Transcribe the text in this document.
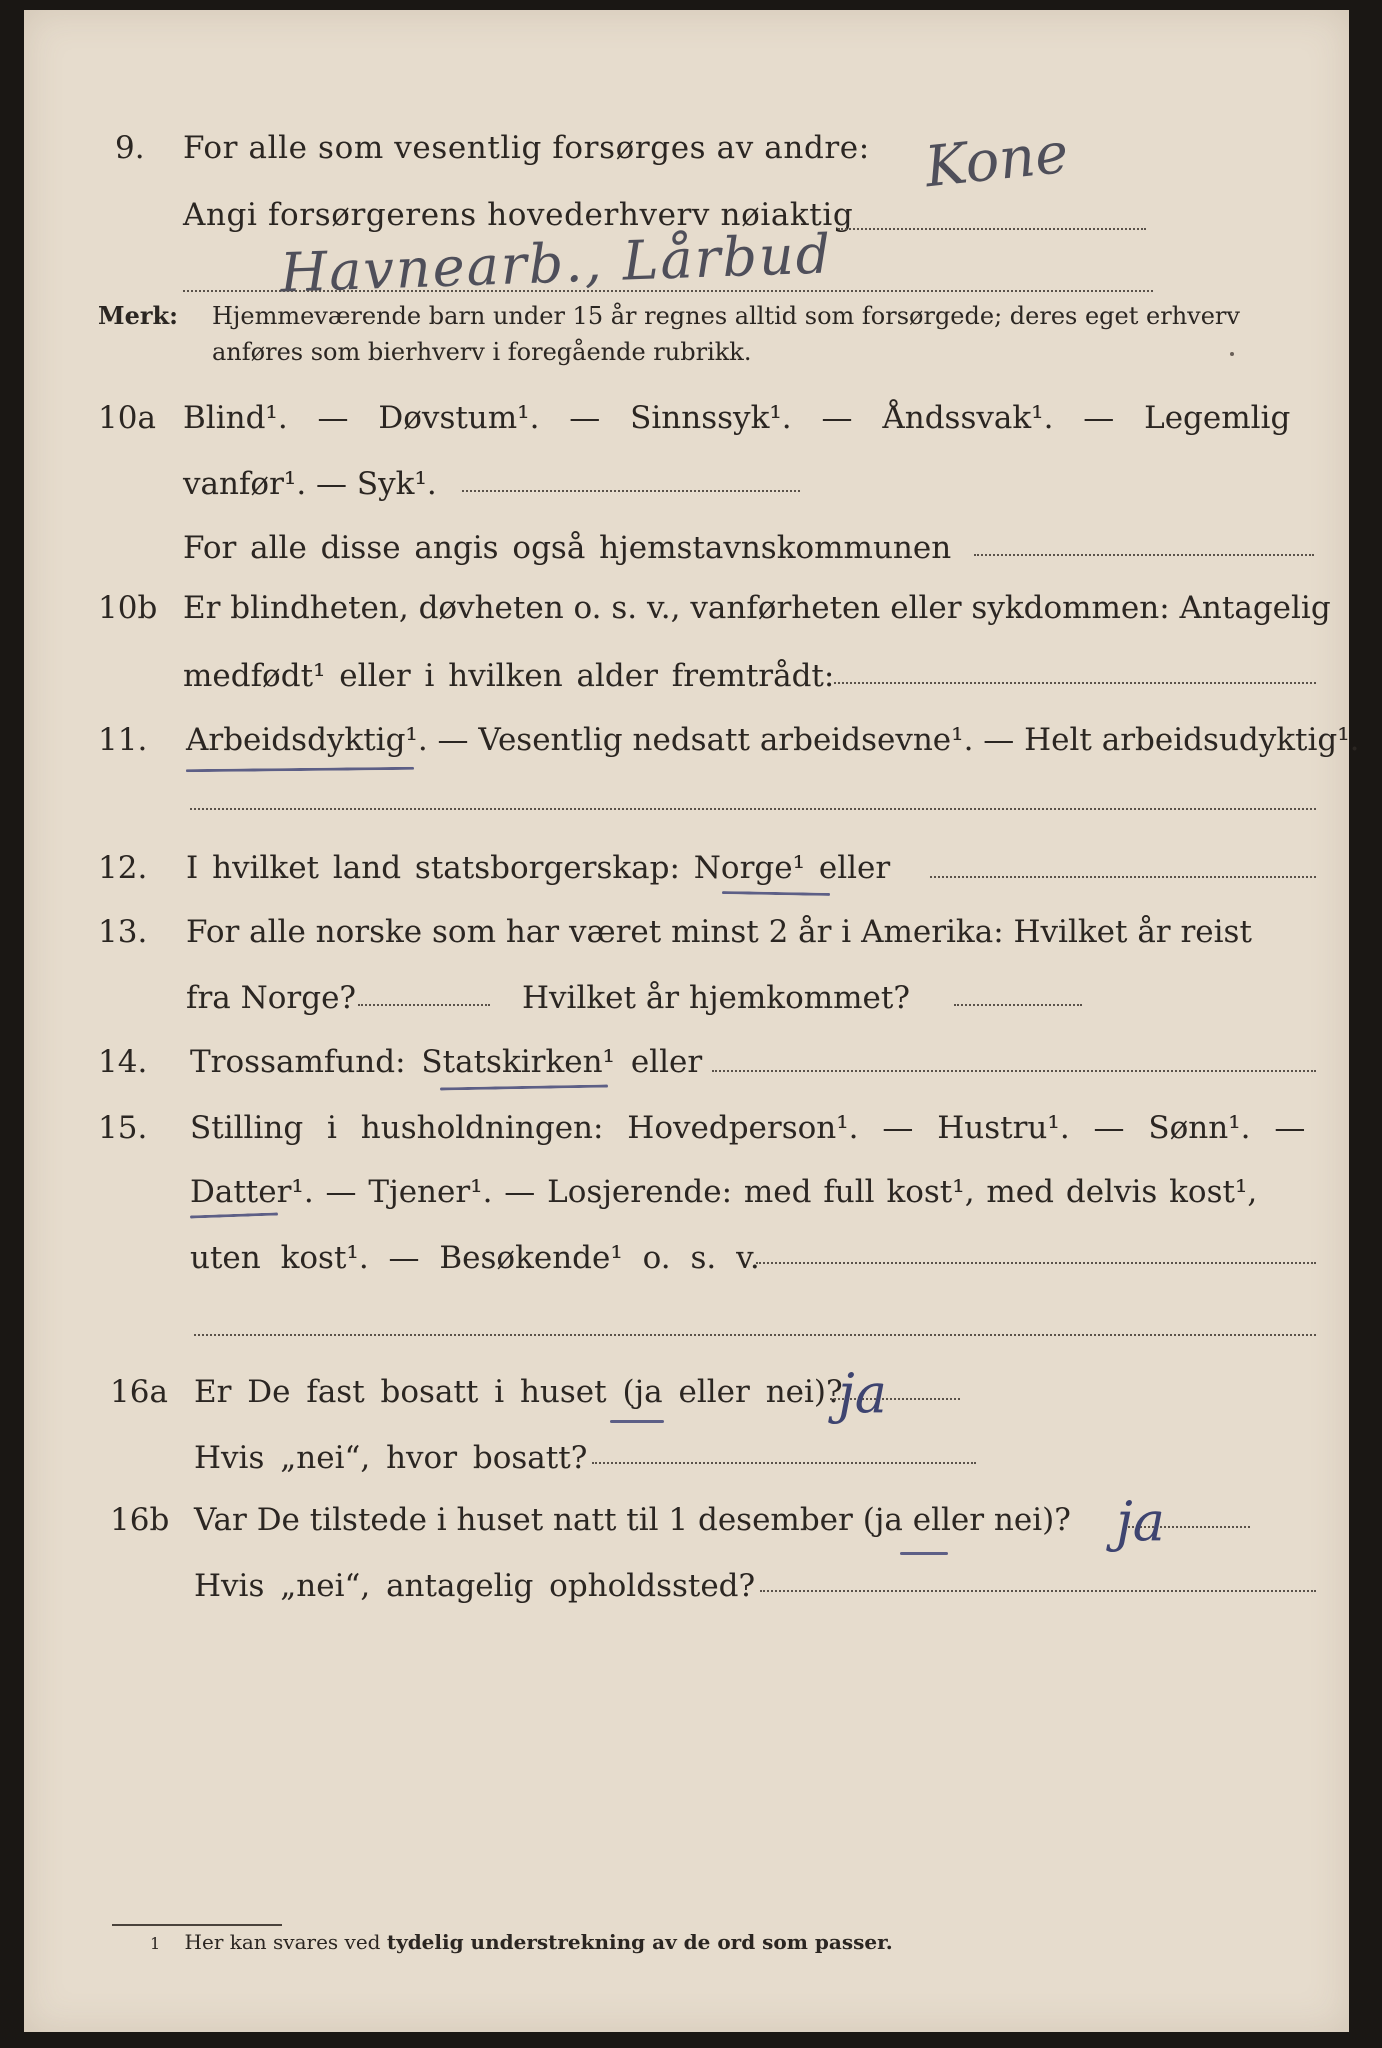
9.	For alle som vesentlig forsørges av andre:
Angi forsørgerens hovederhverv nøiaktig
Kone
Havnearb., Lårbud
Merk: Hjemmeværende barn under 15 år regnes alltid som forsørgede; deres eget erhverv
anføres som bierhverv i foregående rubrikk.
10a Blind¹. — Døvstum¹. — Sinnssyk¹. — Åndssvak¹. — Legemlig
vanfør¹. — Syk¹.
For alle disse angis også hjemstavnskommunen
10b Er blindheten, døvheten o. s. v., vanførheten eller sykdommen: Antagelig
medfødt¹ eller i hvilken alder fremtrådt:
11.	Arbeidsdyktig¹. — Vesentlig nedsatt arbeidsevne¹. — Helt arbeidsudyktig¹.
12.	I hvilket land statsborgerskap: Norge¹ eller
13.	For alle norske som har været minst 2 år i Amerika: Hvilket år reist
fra Norge?	Hvilket år hjemkommet?
14.	Trossamfund: Statskirken¹ eller
15.	Stilling i husholdningen: Hovedperson¹. — Hustru¹. — Sønn¹. —
Datter¹. — Tjener¹. — Losjerende: med full kost¹, med delvis kost¹,
uten kost¹. — Besøkende¹ o. s. v.
16a Er De fast bosatt i huset (ja eller nei)?
ja
Hvis „nei“, hvor bosatt?
16b Var De tilstede i huset natt til 1 desember (ja eller nei)? ja
Hvis „nei“, antagelig opholdssted?
1 Her kan svares ved tydelig understrekning av de ord som passer.
